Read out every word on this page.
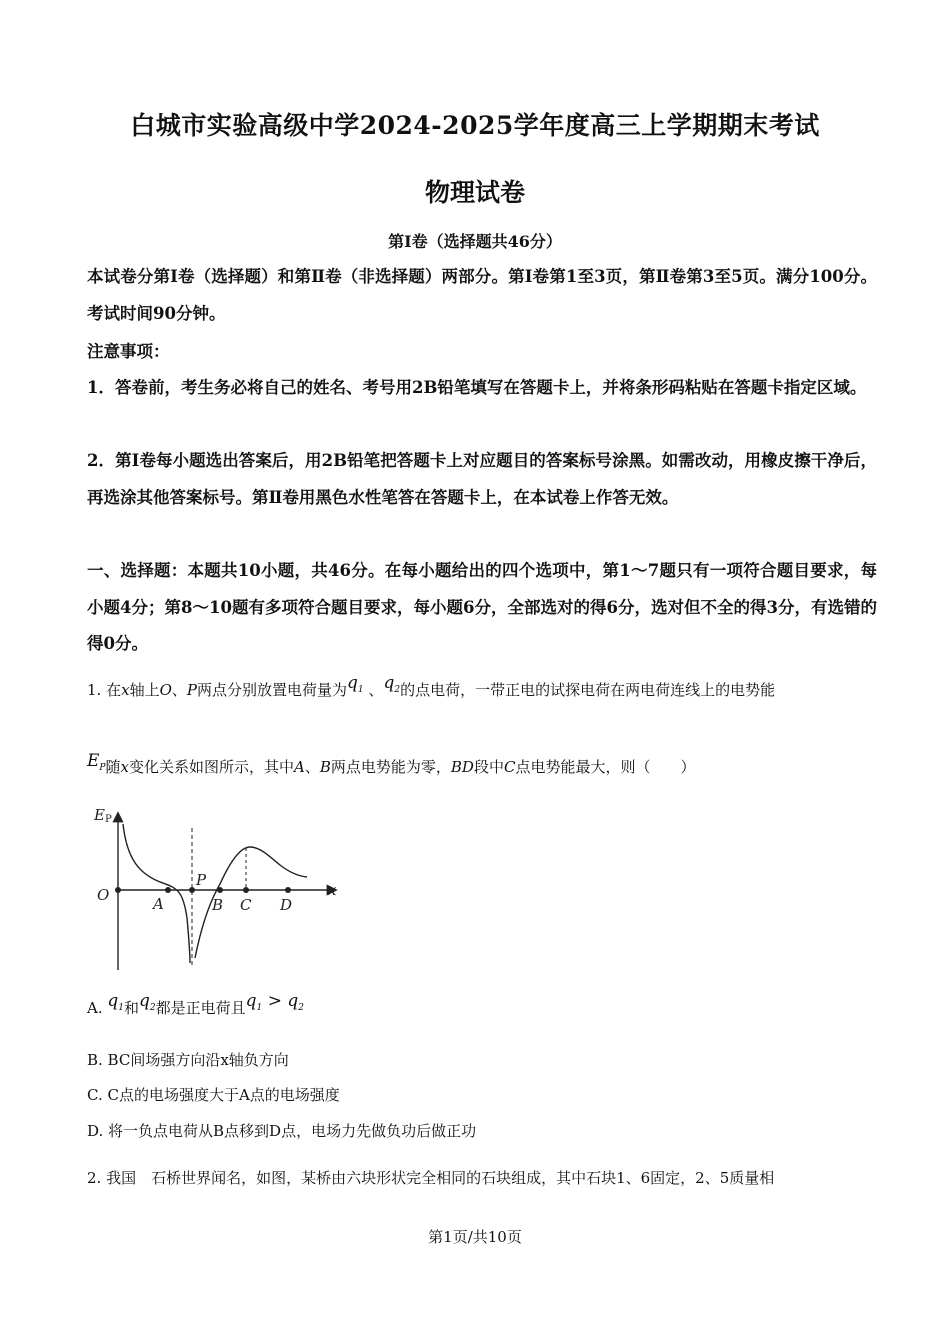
白城市实验高级中学2024-2025学年度高三上学期期末考试
物理试卷
第Ⅰ卷（选择题共46分）
本试卷分第Ⅰ卷（选择题）和第Ⅱ卷（非选择题）两部分。第Ⅰ卷第1至3页，第Ⅱ卷第3至5页。满分100分。考试时间90分钟。
注意事项：
1．答卷前，考生务必将自己的姓名、考号用2B铅笔填写在答题卡上，并将条形码粘贴在答题卡指定区域。
2．第Ⅰ卷每小题选出答案后，用2B铅笔把答题卡上对应题目的答案标号涂黑。如需改动，用橡皮擦干净后，再选涂其他答案标号。第Ⅱ卷用黑色水性笔答在答题卡上，在本试卷上作答无效。
一、选择题：本题共10小题，共46分。在每小题给出的四个选项中，第1～7题只有一项符合题目要求，每小题4分；第8～10题有多项符合题目要求，每小题6分，全部选对的得6分，选对但不全的得3分，有选错的得0分。
1. 在x轴上O、P两点分别放置电荷量为$q_1$ 、$q_2$的点电荷，一带正电的试探电荷在两电荷连线上的电势能
$E_P$随x变化关系如图所示，其中A、B两点电势能为零，BD段中C点电势能最大，则（　　）
EP
x
O	A
P
B C D
A. $q_1$和$q_2$都是正电荷且$q_1 > q_2$
B. BC间场强方向沿x轴负方向
C. C点的电场强度大于A点的电场强度
D. 将一负点电荷从B点移到D点，电场力先做负功后做正功
2. 我国　石桥世界闻名，如图，某桥由六块形状完全相同的石块组成，其中石块1、6固定，2、5质量相
第1页/共10页
